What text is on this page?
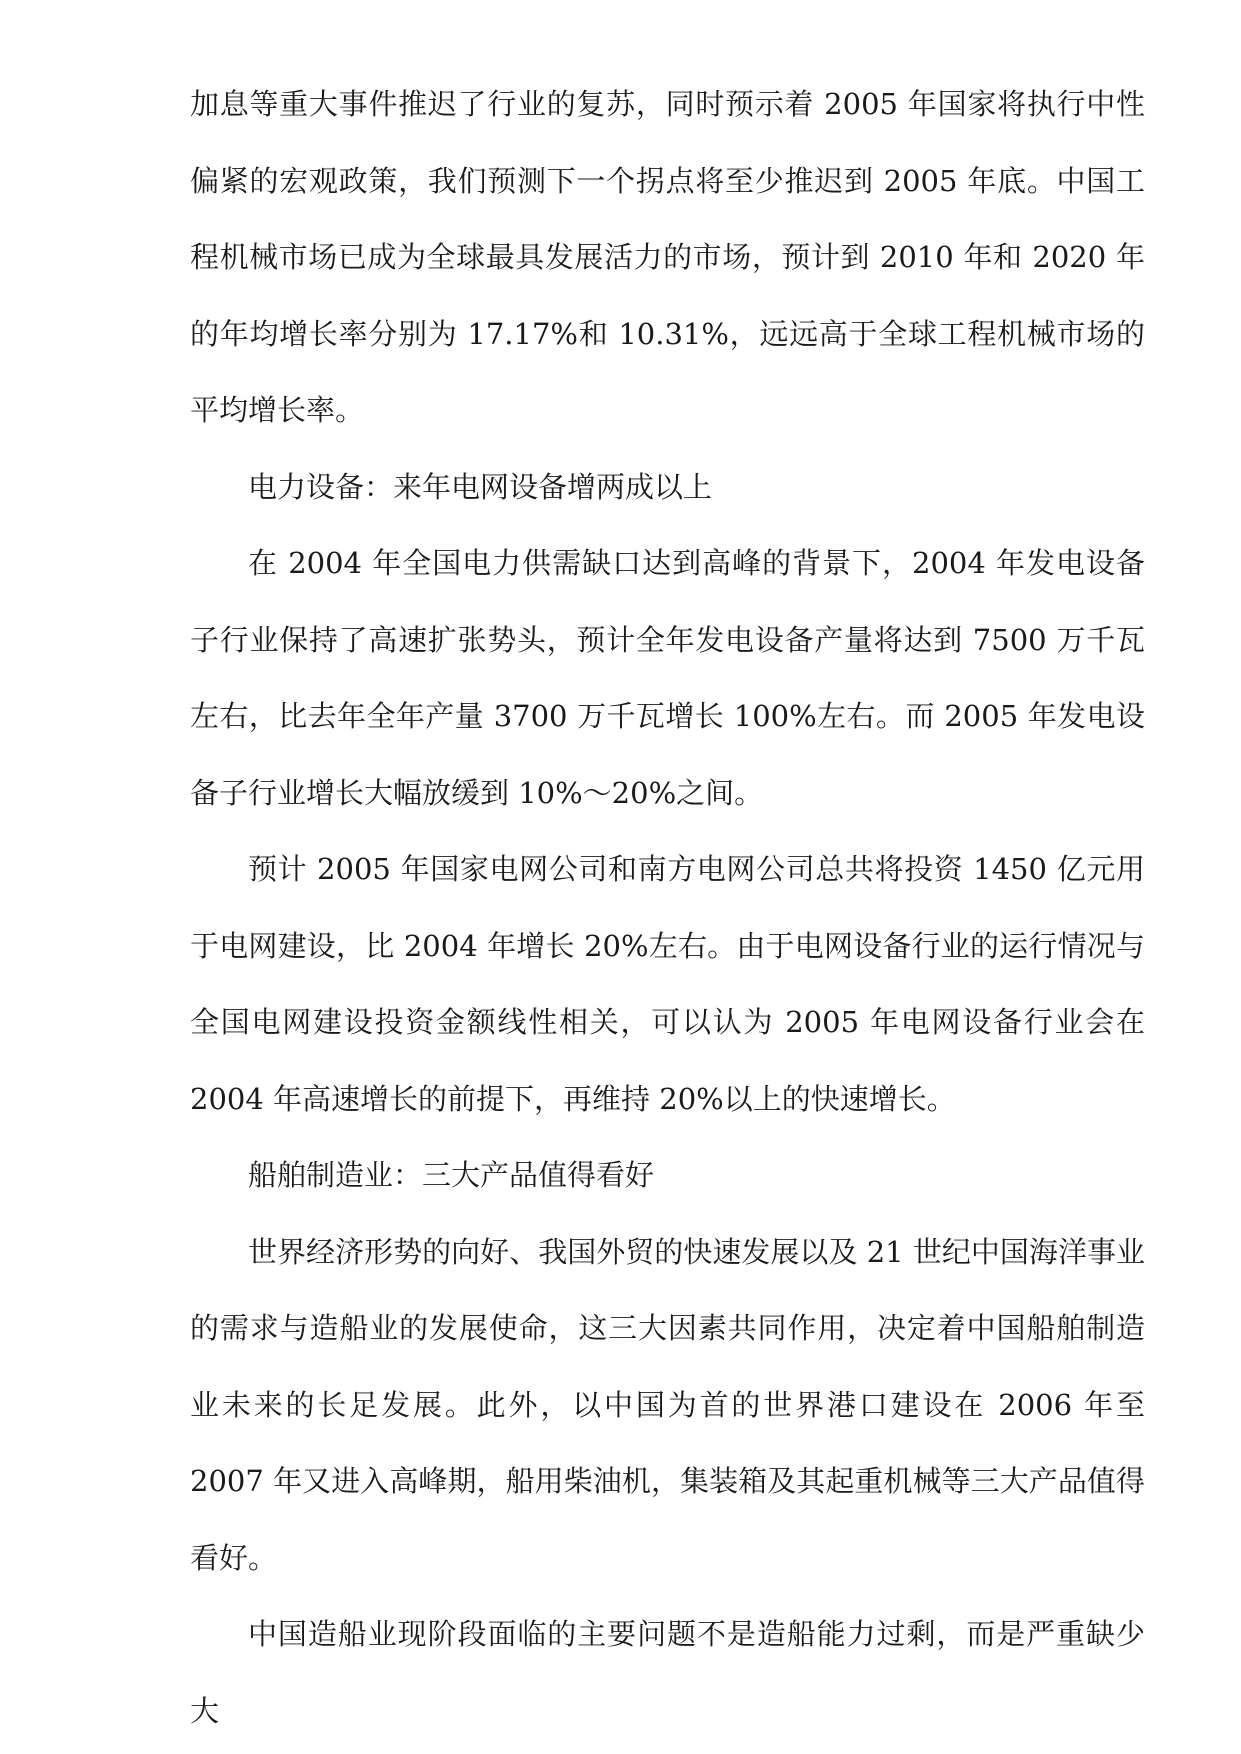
加息等重大事件推迟了行业的复苏，同时预示着 2005 年国家将执行中性偏紧的宏观政策，我们预测下一个拐点将至少推迟到 2005 年底。中国工程机械市场已成为全球最具发展活力的市场，预计到 2010 年和 2020 年的年均增长率分别为 17.17%和 10.31%，远远高于全球工程机械市场的平均增长率。

电力设备：来年电网设备增两成以上

在 2004 年全国电力供需缺口达到高峰的背景下，2004 年发电设备子行业保持了高速扩张势头，预计全年发电设备产量将达到 7500 万千瓦左右，比去年全年产量 3700 万千瓦增长 100%左右。而 2005 年发电设备子行业增长大幅放缓到 10%～20%之间。

预计 2005 年国家电网公司和南方电网公司总共将投资 1450 亿元用于电网建设，比 2004 年增长 20%左右。由于电网设备行业的运行情况与全国电网建设投资金额线性相关，可以认为 2005 年电网设备行业会在 2004 年高速增长的前提下，再维持 20%以上的快速增长。

船舶制造业：三大产品值得看好

世界经济形势的向好、我国外贸的快速发展以及 21 世纪中国海洋事业的需求与造船业的发展使命，这三大因素共同作用，决定着中国船舶制造业未来的长足发展。此外，以中国为首的世界港口建设在 2006 年至 2007 年又进入高峰期，船用柴油机，集装箱及其起重机械等三大产品值得看好。

中国造船业现阶段面临的主要问题不是造船能力过剩，而是严重缺少大
